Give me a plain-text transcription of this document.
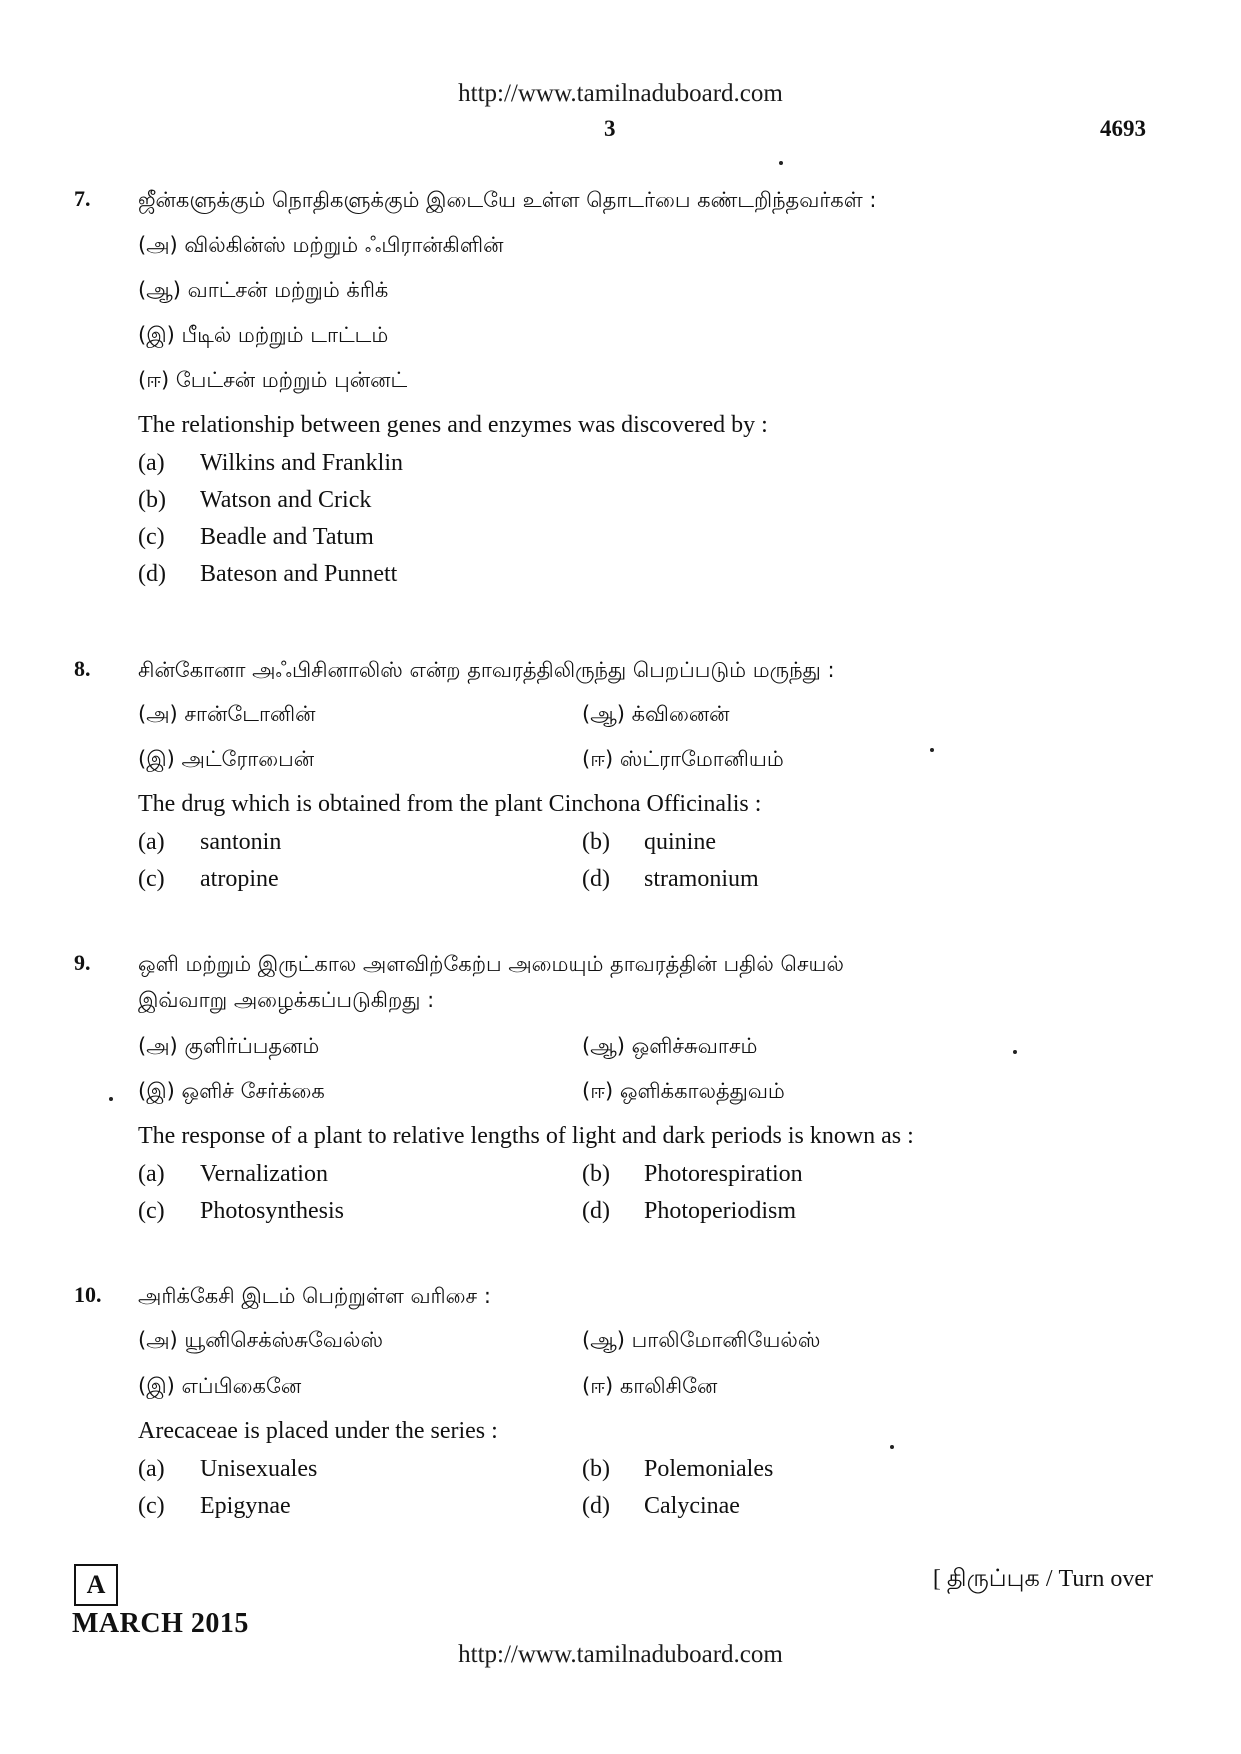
http://www.tamilnaduboard.com
3	4693
7. ஜீன்களுக்கும் நொதிகளுக்கும் இடையே உள்ள தொடர்பை கண்டறிந்தவர்கள் :
(அ) வில்கின்ஸ் மற்றும் ஃபிரான்கிளின்
(ஆ) வாட்சன் மற்றும் க்ரிக்
(இ) பீடில் மற்றும் டாட்டம்
(ஈ) பேட்சன் மற்றும் புன்னட்
The relationship between genes and enzymes was discovered by :
(a) Wilkins and Franklin
(b) Watson and Crick
(c) Beadle and Tatum
(d) Bateson and Punnett
8. சின்கோனா அஃபிசினாலிஸ் என்ற தாவரத்திலிருந்து பெறப்படும் மருந்து :
(அ) சான்டோனின்	(ஆ) க்வினைன்
(இ) அட்ரோபைன்	(ஈ) ஸ்ட்ராமோனியம்
The drug which is obtained from the plant Cinchona Officinalis :
(a) santonin	(b) quinine
(c) atropine	(d) stramonium
9. ஒளி மற்றும் இருட்கால அளவிற்கேற்ப அமையும் தாவரத்தின் பதில் செயல்
இவ்வாறு அழைக்கப்படுகிறது :
(அ) குளிர்ப்பதனம்	(ஆ) ஒளிச்சுவாசம்
(இ) ஒளிச் சேர்க்கை	(ஈ) ஒளிக்காலத்துவம்
The response of a plant to relative lengths of light and dark periods is known as :
(a) Vernalization	(b) Photorespiration
(c) Photosynthesis	(d) Photoperiodism
10. அரிக்கேசி இடம் பெற்றுள்ள வரிசை :
(அ) யூனிசெக்ஸ்சுவேல்ஸ்	(ஆ) பாலிமோனியேல்ஸ்
(இ) எப்பிகைனே	(ஈ) காலிசினே
Arecaceae is placed under the series :
(a) Unisexuales	(b) Polemoniales
(c) Epigynae	(d) Calycinae
A	[ திருப்புக / Turn over
MARCH 2015
http://www.tamilnaduboard.com
